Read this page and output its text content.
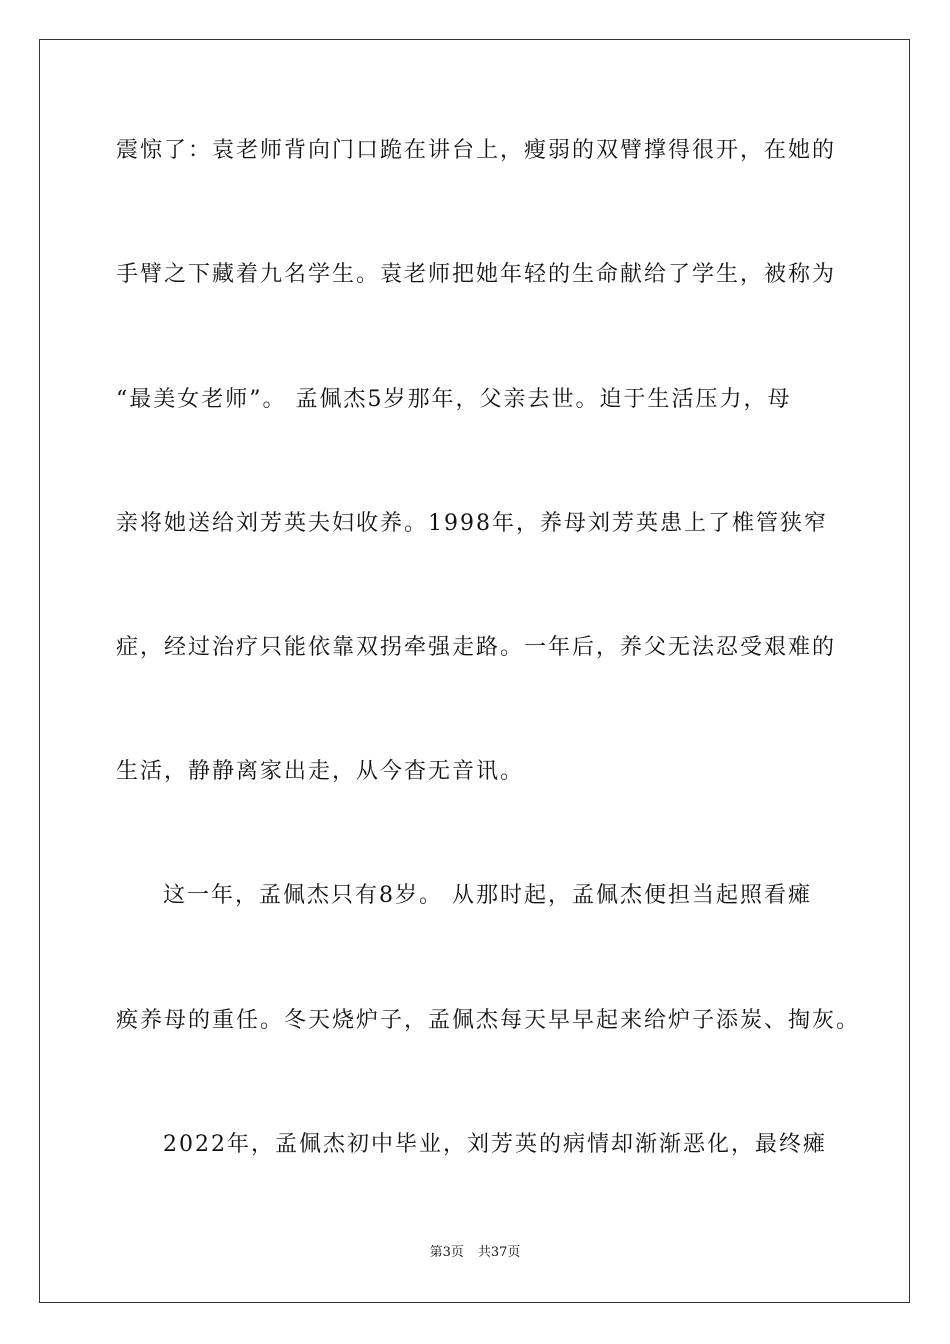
震惊了：袁老师背向门口跪在讲台上，瘦弱的双臂撑得很开，在她的
手臂之下藏着九名学生。袁老师把她年轻的生命献给了学生，被称为
“最美女老师”。 孟佩杰5岁那年，父亲去世。迫于生活压力，母
亲将她送给刘芳英夫妇收养。1998年，养母刘芳英患上了椎管狭窄
症，经过治疗只能依靠双拐牵强走路。一年后，养父无法忍受艰难的
生活，静静离家出走，从今杳无音讯。
这一年，孟佩杰只有8岁。 从那时起，孟佩杰便担当起照看瘫
痪养母的重任。冬天烧炉子，孟佩杰每天早早起来给炉子添炭、掏灰。
2022年，孟佩杰初中毕业，刘芳英的病情却渐渐恶化，最终瘫
第3页 共37页
